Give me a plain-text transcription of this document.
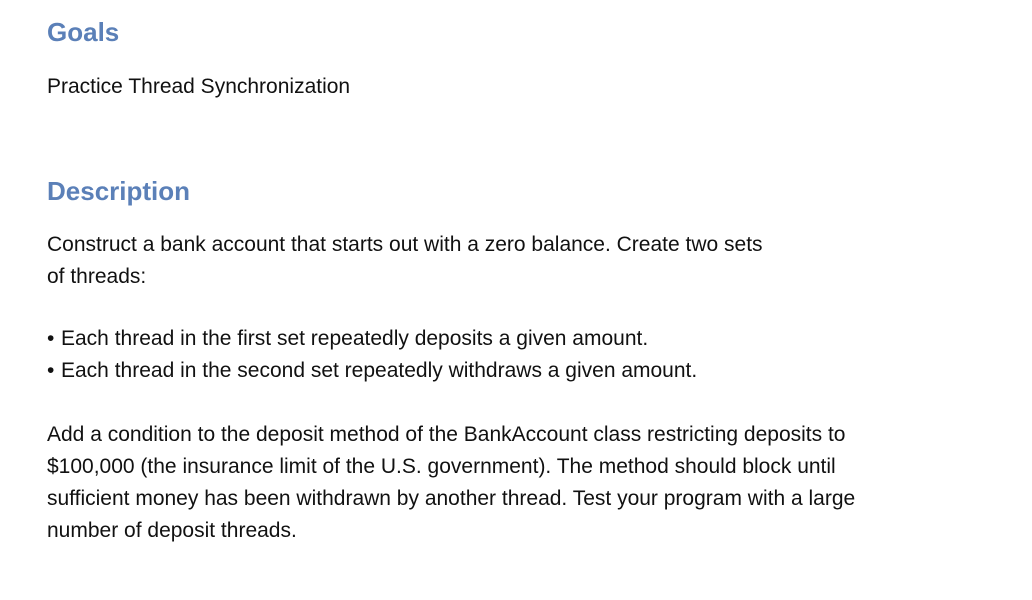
Goals

Practice Thread Synchronization

Description

Construct a bank account that starts out with a zero balance. Create two sets
of threads:

• Each thread in the first set repeatedly deposits a given amount.
• Each thread in the second set repeatedly withdraws a given amount.

Add a condition to the deposit method of the BankAccount class restricting deposits to
$100,000 (the insurance limit of the U.S. government). The method should block until
sufficient money has been withdrawn by another thread. Test your program with a large
number of deposit threads.
